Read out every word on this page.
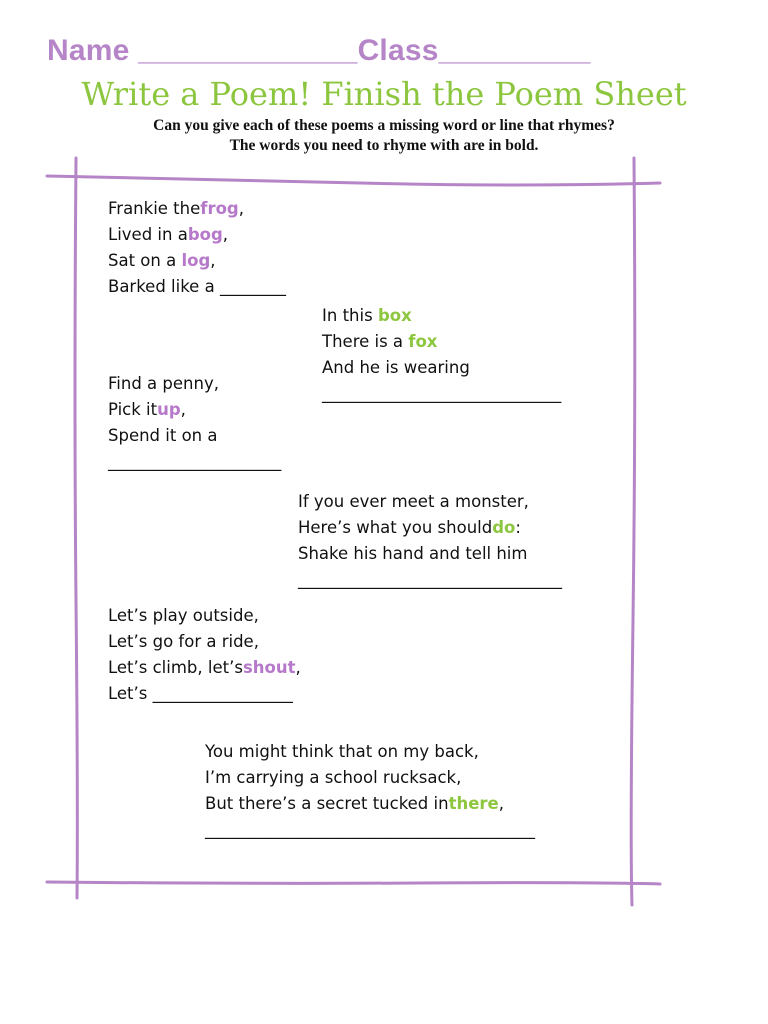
Name _____________Class_________
Write a Poem! Finish the Poem Sheet
Can you give each of these poems a missing word or line that rhymes?
The words you need to rhyme with are in bold.
Frankie thefrog,
Lived in abog,
Sat on a log,
Barked like a ________
In this box
There is a fox
And he is wearing
_____________________________
Find a penny,
Pick itup,
Spend it on a
_____________________
If you ever meet a monster,
Here’s what you shoulddo:
Shake his hand and tell him
________________________________
Let’s play outside,
Let’s go for a ride,
Let’s climb, let’sshout,
Let’s _________________
You might think that on my back,
I’m carrying a school rucksack,
But there’s a secret tucked inthere,
________________________________________
